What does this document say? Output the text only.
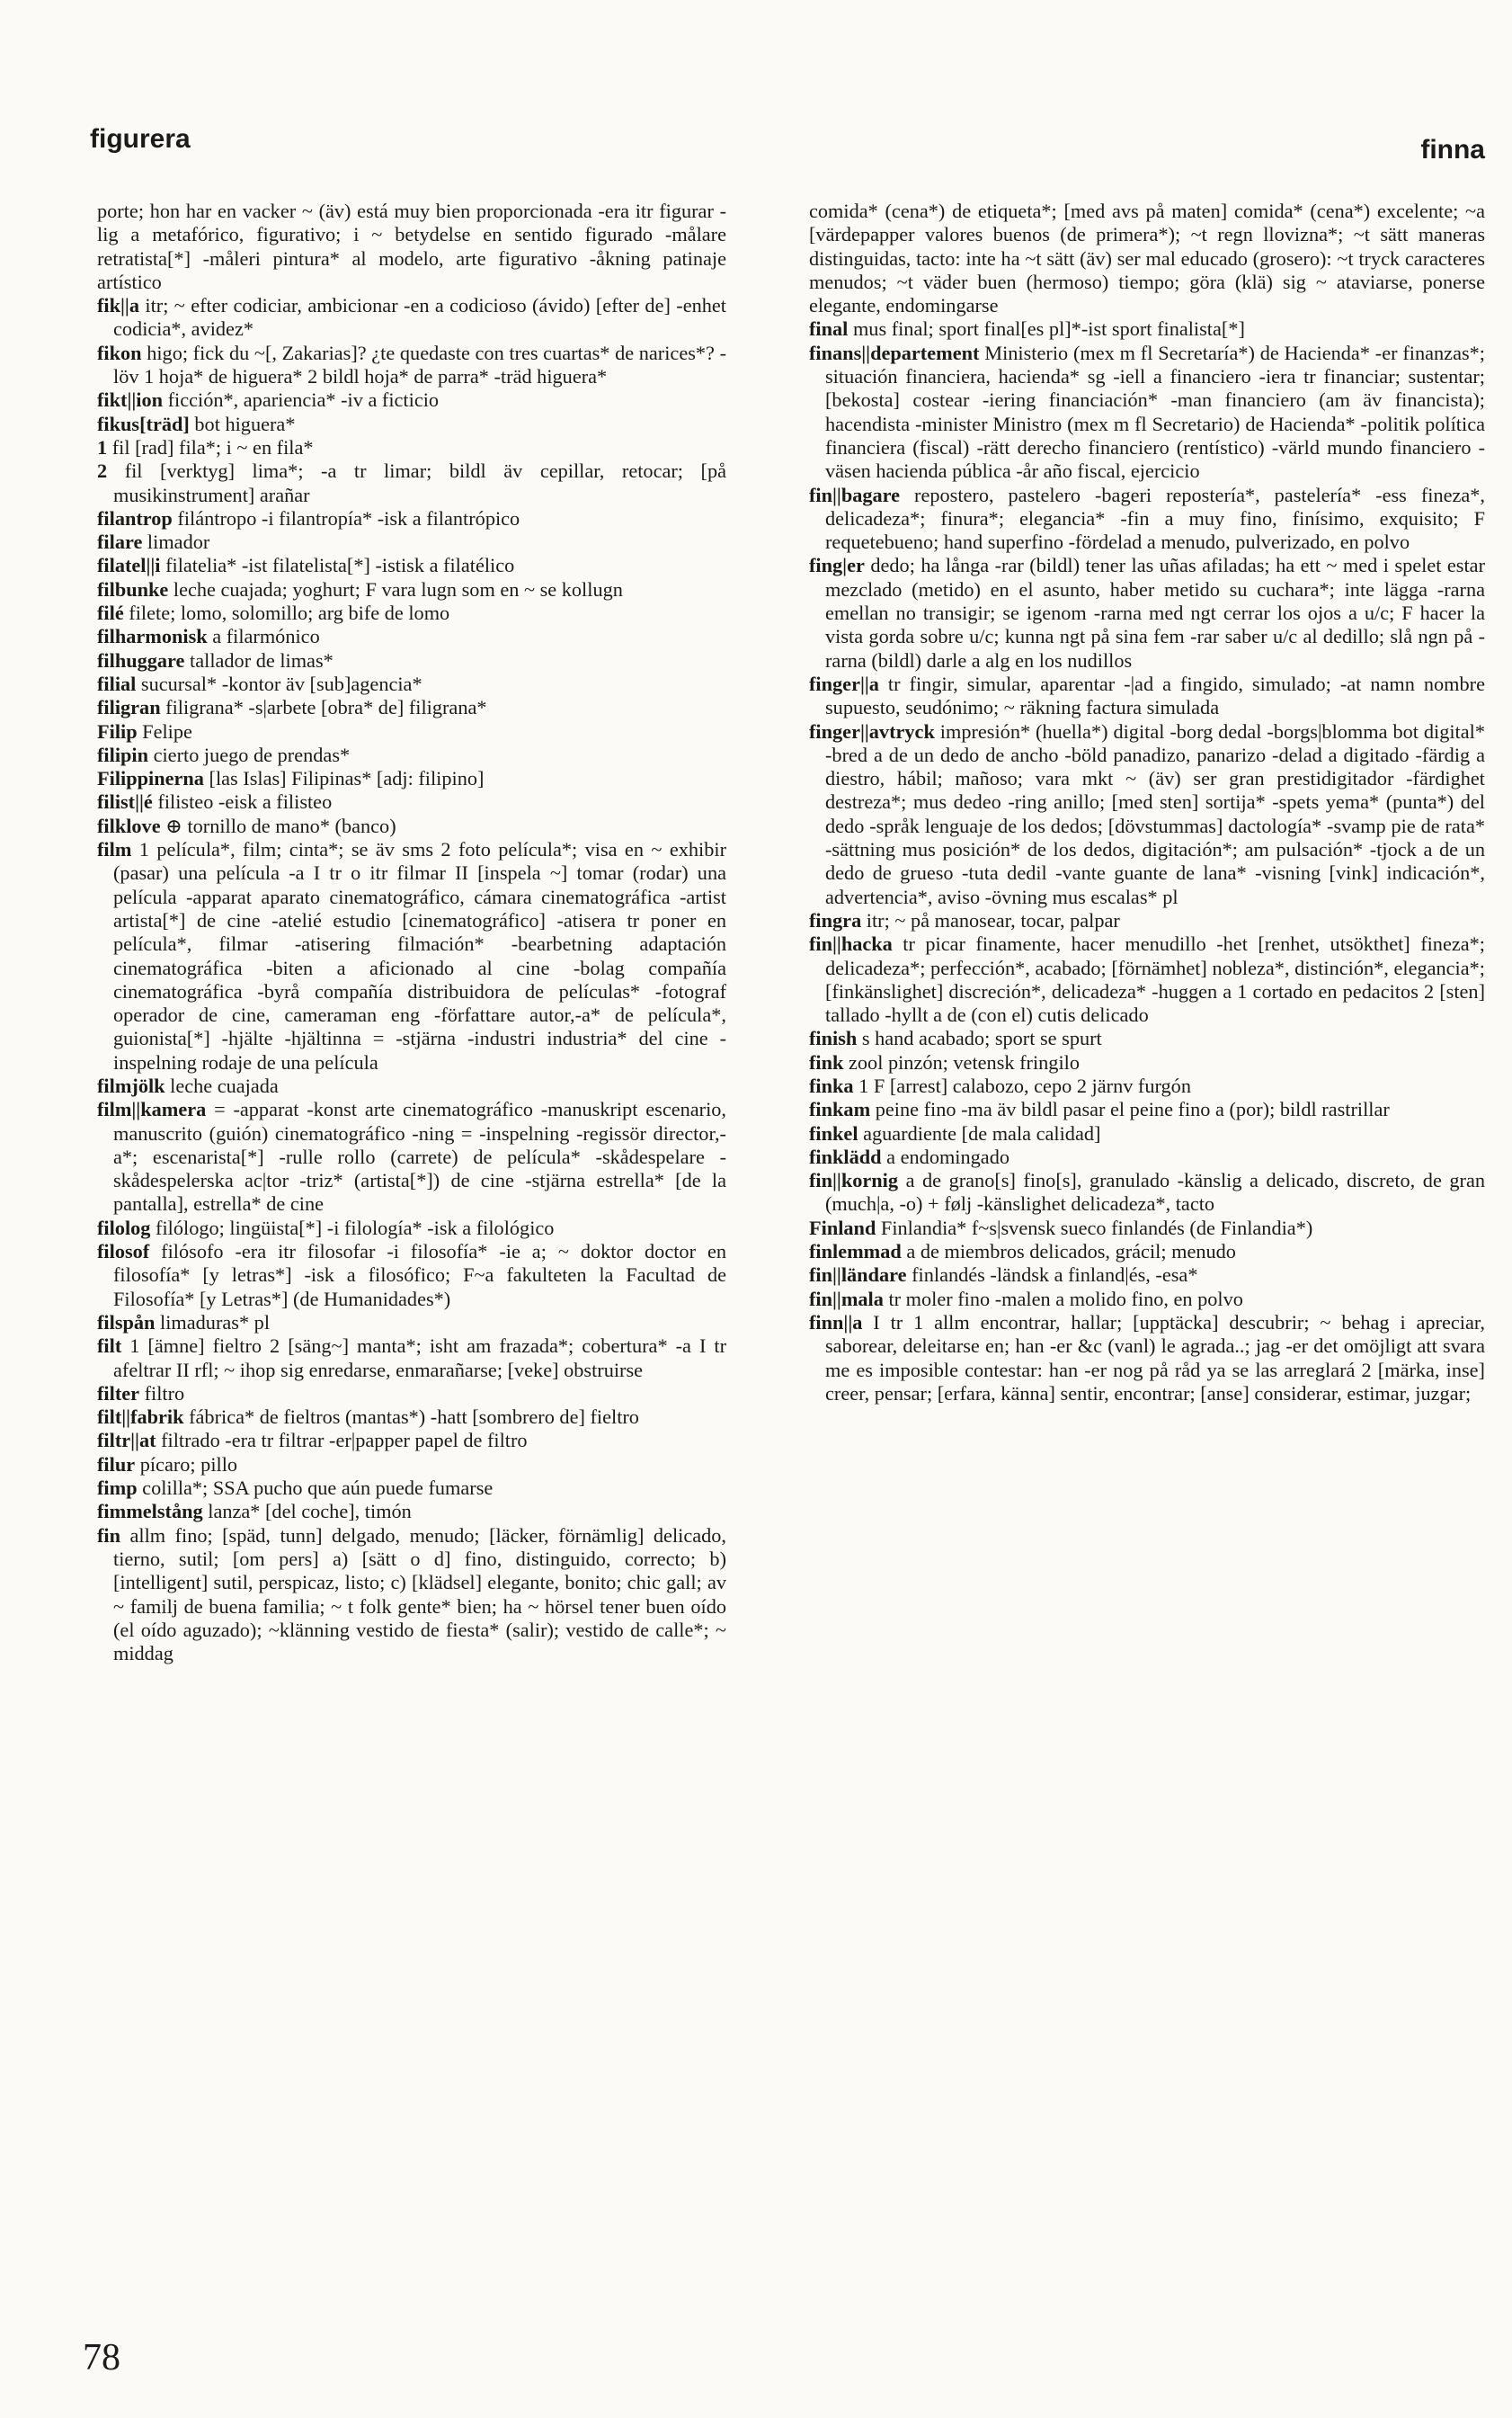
figurera	finna

porte; hon har en vacker ~ (äv) está muy bien proporcionada -era itr figurar -lig a metafórico, figurativo; i ~ betydelse en sentido figurado -målare retratista[*] -måleri pintura* al modelo, arte figurativo -åkning patinaje artístico

fik||a itr; ~ efter codiciar, ambicionar -en a codicioso (ávido) [efter de] -enhet codicia*, avidez*

fikon higo; fick du ~[, Zakarias]? ¿te quedaste con tres cuartas* de narices*? -löv 1 hoja* de higuera* 2 bildl hoja* de parra* -träd higuera*

fikt||ion ficción*, apariencia* -iv a ficticio

fikus[träd] bot higuera*

1 fil [rad] fila*; i ~ en fila*

2 fil [verktyg] lima*; -a tr limar; bildl äv cepillar, retocar; [på musikinstrument] arañar

filantrop filántropo -i filantropía* -isk a filantrópico

filare limador

filatel||i filatelia* -ist filatelista[*] -istisk a filatélico

filbunke leche cuajada; yoghurt; F vara lugn som en ~ se kollugn

filé filete; lomo, solomillo; arg bife de lomo

filharmonisk a filarmónico

filhuggare tallador de limas*

filial sucursal* -kontor äv [sub]agencia*

filigran filigrana* -s|arbete [obra* de] filigrana*

Filip Felipe

filipin cierto juego de prendas*

Filippinerna [las Islas] Filipinas* [adj: filipino]

filist||é filisteo -eisk a filisteo

filklove ⊕ tornillo de mano* (banco)

film 1 película*, film; cinta*; se äv sms 2 foto película*; visa en ~ exhibir (pasar) una película -a I tr o itr filmar II [inspela ~] tomar (rodar) una película -apparat aparato cinematográfico, cámara cinematográfica -artist artista[*] de cine -atelié estudio [cinematográfico] -atisera tr poner en película*, filmar -atisering filmación* -bearbetning adaptación cinematográfica -biten a aficionado al cine -bolag compañía cinematográfica -byrå compañía distribuidora de películas* -fotograf operador de cine, cameraman eng -författare autor,-a* de película*, guionista[*] -hjälte -hjältinna = -stjärna -industri industria* del cine -inspelning rodaje de una película

filmjölk leche cuajada

film||kamera = -apparat -konst arte cinematográfico -manuskript escenario, manuscrito (guión) cinematográfico -ning = -inspelning -regissör director,-a*; escenarista[*] -rulle rollo (carrete) de película* -skådespelare -skådespelerska ac|tor -triz* (artista[*]) de cine -stjärna estrella* [de la pantalla], estrella* de cine

filolog filólogo; lingüista[*] -i filología* -isk a filológico

filosof filósofo -era itr filosofar -i filosofía* -ie a; ~ doktor doctor en filosofía* [y letras*] -isk a filosófico; F~a fakulteten la Facultad de Filosofía* [y Letras*] (de Humanidades*)

filspån limaduras* pl

filt 1 [ämne] fieltro 2 [säng~] manta*; isht am frazada*; cobertura* -a I tr afeltrar II rfl; ~ ihop sig enredarse, enmarañarse; [veke] obstruirse

filter filtro

filt||fabrik fábrica* de fieltros (mantas*) -hatt [sombrero de] fieltro

filtr||at filtrado -era tr filtrar -er|papper papel de filtro

filur pícaro; pillo

fimp colilla*; SSA pucho que aún puede fumarse

fimmelstång lanza* [del coche], timón

fin allm fino; [späd, tunn] delgado, menudo; [läcker, förnämlig] delicado, tierno, sutil; [om pers] a) [sätt o d] fino, distinguido, correcto; b) [intelligent] sutil, perspicaz, listo; c) [klädsel] elegante, bonito; chic gall; av ~ familj de buena familia; ~ t folk gente* bien; ha ~ hörsel tener buen oído (el oído aguzado); ~klänning vestido de fiesta* (salir); vestido de calle*; ~ middag

comida* (cena*) de etiqueta*; [med avs på maten] comida* (cena*) excelente; ~a [värdepapper valores buenos (de primera*); ~t regn llovizna*; ~t sätt maneras distinguidas, tacto: inte ha ~t sätt (äv) ser mal educado (grosero): ~t tryck caracteres menudos; ~t väder buen (hermoso) tiempo; göra (klä) sig ~ ataviarse, ponerse elegante, endomingarse

final mus final; sport final[es pl]*-ist sport finalista[*]

finans||departement Ministerio (mex m fl Secretaría*) de Hacienda* -er finanzas*; situación financiera, hacienda* sg -iell a financiero -iera tr financiar; sustentar; [bekosta] costear -iering financiación* -man financiero (am äv financista); hacendista -minister Ministro (mex m fl Secretario) de Hacienda* -politik política financiera (fiscal) -rätt derecho financiero (rentístico) -värld mundo financiero -väsen hacienda pública -år año fiscal, ejercicio

fin||bagare repostero, pastelero -bageri repostería*, pastelería* -ess fineza*, delicadeza*; finura*; elegancia* -fin a muy fino, finísimo, exquisito; F requetebueno; hand superfino -fördelad a menudo, pulverizado, en polvo

fing|er dedo; ha långa -rar (bildl) tener las uñas afiladas; ha ett ~ med i spelet estar mezclado (metido) en el asunto, haber metido su cuchara*; inte lägga -rarna emellan no transigir; se igenom -rarna med ngt cerrar los ojos a u/c; F hacer la vista gorda sobre u/c; kunna ngt på sina fem -rar saber u/c al dedillo; slå ngn på -rarna (bildl) darle a alg en los nudillos

finger||a tr fingir, simular, aparentar -|ad a fingido, simulado; -at namn nombre supuesto, seudónimo; ~ räkning factura simulada

finger||avtryck impresión* (huella*) digital -borg dedal -borgs|blomma bot digital* -bred a de un dedo de ancho -böld panadizo, panarizo -delad a digitado -färdig a diestro, hábil; mañoso; vara mkt ~ (äv) ser gran prestidigitador -färdighet destreza*; mus dedeo -ring anillo; [med sten] sortija* -spets yema* (punta*) del dedo -språk lenguaje de los dedos; [dövstummas] dactología* -svamp pie de rata* -sättning mus posición* de los dedos, digitación*; am pulsación* -tjock a de un dedo de grueso -tuta dedil -vante guante de lana* -visning [vink] indicación*, advertencia*, aviso -övning mus escalas* pl

fingra itr; ~ på manosear, tocar, palpar

fin||hacka tr picar finamente, hacer menudillo -het [renhet, utsökthet] fineza*; delicadeza*; perfección*, acabado; [förnämhet] nobleza*, distinción*, elegancia*; [finkänslighet] discreción*, delicadeza* -huggen a 1 cortado en pedacitos 2 [sten] tallado -hyllt a de (con el) cutis delicado

finish s hand acabado; sport se spurt

fink zool pinzón; vetensk fringilo

finka 1 F [arrest] calabozo, cepo 2 järnv furgón

finkam peine fino -ma äv bildl pasar el peine fino a (por); bildl rastrillar

finkel aguardiente [de mala calidad]

finklädd a endomingado

fin||kornig a de grano[s] fino[s], granulado -känslig a delicado, discreto, de gran (much|a, -o) + følj -känslighet delicadeza*, tacto

Finland Finlandia* f~s|svensk sueco finlandés (de Finlandia*)

finlemmad a de miembros delicados, grácil; menudo

fin||ländare finlandés -ländsk a finland|és, -esa*

fin||mala tr moler fino -malen a molido fino, en polvo

finn||a I tr 1 allm encontrar, hallar; [upptäcka] descubrir; ~ behag i apreciar, saborear, deleitarse en; han -er &c (vanl) le agrada..; jag -er det omöjligt att svara me es imposible contestar: han -er nog på råd ya se las arreglará 2 [märka, inse] creer, pensar; [erfara, känna] sentir, encontrar; [anse] considerar, estimar, juzgar;

78
